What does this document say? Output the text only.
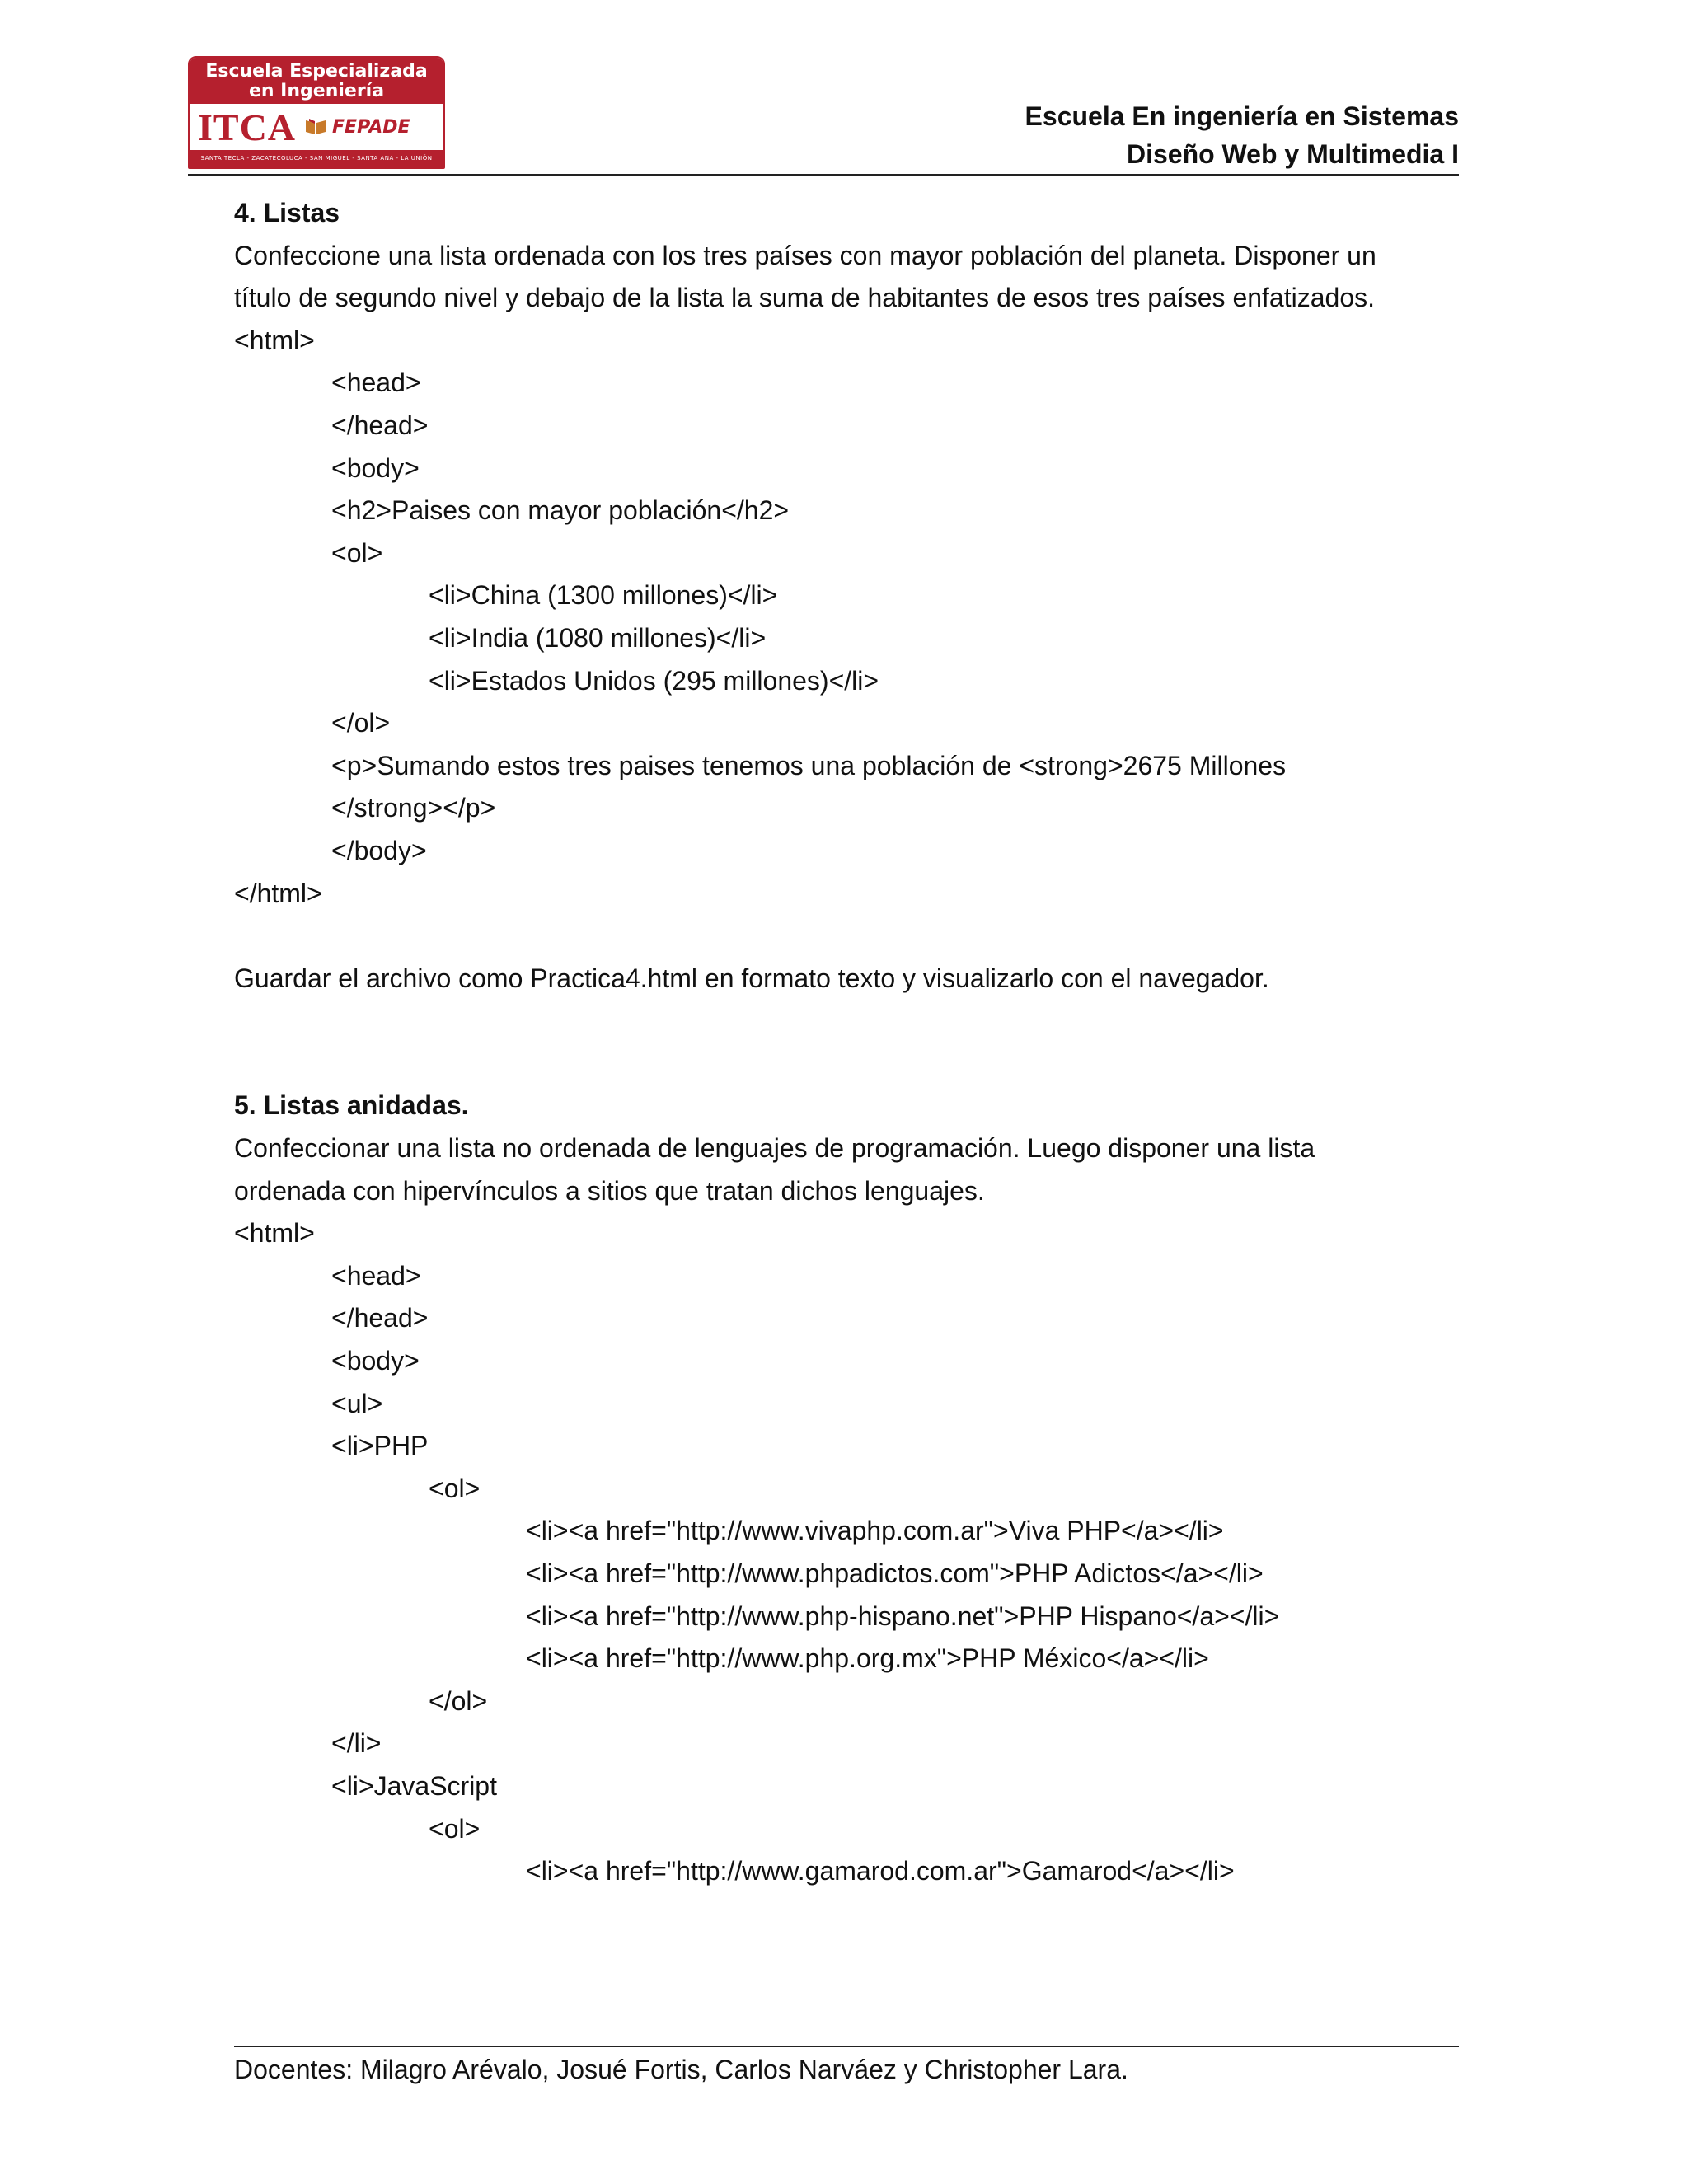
Escuela Especializada
en Ingeniería
ITCA FEPADE
SANTA TECLA - ZACATECOLUCA - SAN MIGUEL - SANTA ANA - LA UNIÓN
Escuela En ingeniería en Sistemas
Diseño Web y Multimedia I
4. Listas
Confeccione una lista ordenada con los tres países con mayor población del planeta. Disponer un
título de segundo nivel y debajo de la lista la suma de habitantes de esos tres países enfatizados.
<html>
<head>
</head>
<body>
<h2>Paises con mayor población</h2>
<ol>
<li>China (1300 millones)</li>
<li>India (1080 millones)</li>
<li>Estados Unidos (295 millones)</li>
</ol>
<p>Sumando estos tres paises tenemos una población de <strong>2675 Millones
</strong></p>
</body>
</html>
Guardar el archivo como Practica4.html en formato texto y visualizarlo con el navegador.
5. Listas anidadas.
Confeccionar una lista no ordenada de lenguajes de programación. Luego disponer una lista
ordenada con hipervínculos a sitios que tratan dichos lenguajes.
<html>
<head>
</head>
<body>
<ul>
<li>PHP
<ol>
<li><a href="http://www.vivaphp.com.ar">Viva PHP</a></li>
<li><a href="http://www.phpadictos.com">PHP Adictos</a></li>
<li><a href="http://www.php-hispano.net">PHP Hispano</a></li>
<li><a href="http://www.php.org.mx">PHP México</a></li>
</ol>
</li>
<li>JavaScript
<ol>
<li><a href="http://www.gamarod.com.ar">Gamarod</a></li>
Docentes: Milagro Arévalo, Josué Fortis, Carlos Narváez y Christopher Lara.
